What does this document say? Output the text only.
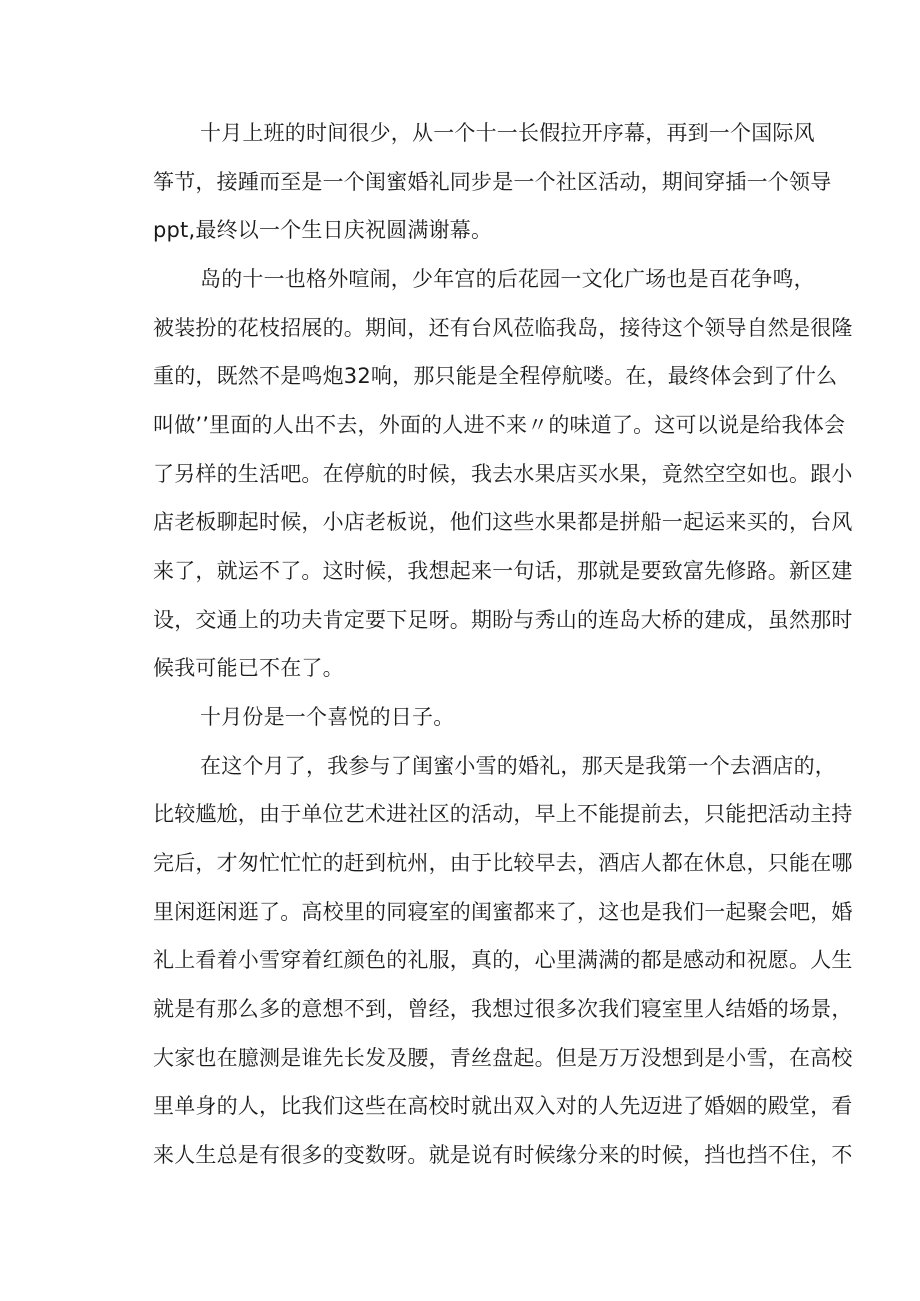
十月上班的时间很少，从一个十一长假拉开序幕，再到一个国际风
筝节，接踵而至是一个闺蜜婚礼同步是一个社区活动，期间穿插一个领导
ppt,最终以一个生日庆祝圆满谢幕。
岛的十一也格外喧闹，少年宫的后花园一文化广场也是百花争鸣，
被装扮的花枝招展的。期间，还有台风莅临我岛，接待这个领导自然是很隆
重的，既然不是鸣炮32响，那只能是全程停航喽。在，最终体会到了什么
叫做’’里面的人出不去，外面的人进不来〃的味道了。这可以说是给我体会
了另样的生活吧。在停航的时候，我去水果店买水果，竟然空空如也。跟小
店老板聊起时候，小店老板说，他们这些水果都是拼船一起运来买的，台风
来了，就运不了。这时候，我想起来一句话，那就是要致富先修路。新区建
设，交通上的功夫肯定要下足呀。期盼与秀山的连岛大桥的建成，虽然那时
候我可能已不在了。
十月份是一个喜悦的日子。
在这个月了，我参与了闺蜜小雪的婚礼，那天是我第一个去酒店的，
比较尴尬，由于单位艺术进社区的活动，早上不能提前去，只能把活动主持
完后，才匆忙忙忙的赶到杭州，由于比较早去，酒店人都在休息，只能在哪
里闲逛闲逛了。高校里的同寝室的闺蜜都来了，这也是我们一起聚会吧，婚
礼上看着小雪穿着红颜色的礼服，真的，心里满满的都是感动和祝愿。人生
就是有那么多的意想不到，曾经，我想过很多次我们寝室里人结婚的场景，
大家也在臆测是谁先长发及腰，青丝盘起。但是万万没想到是小雪，在高校
里单身的人，比我们这些在高校时就出双入对的人先迈进了婚姻的殿堂，看
来人生总是有很多的变数呀。就是说有时候缘分来的时候，挡也挡不住，不
